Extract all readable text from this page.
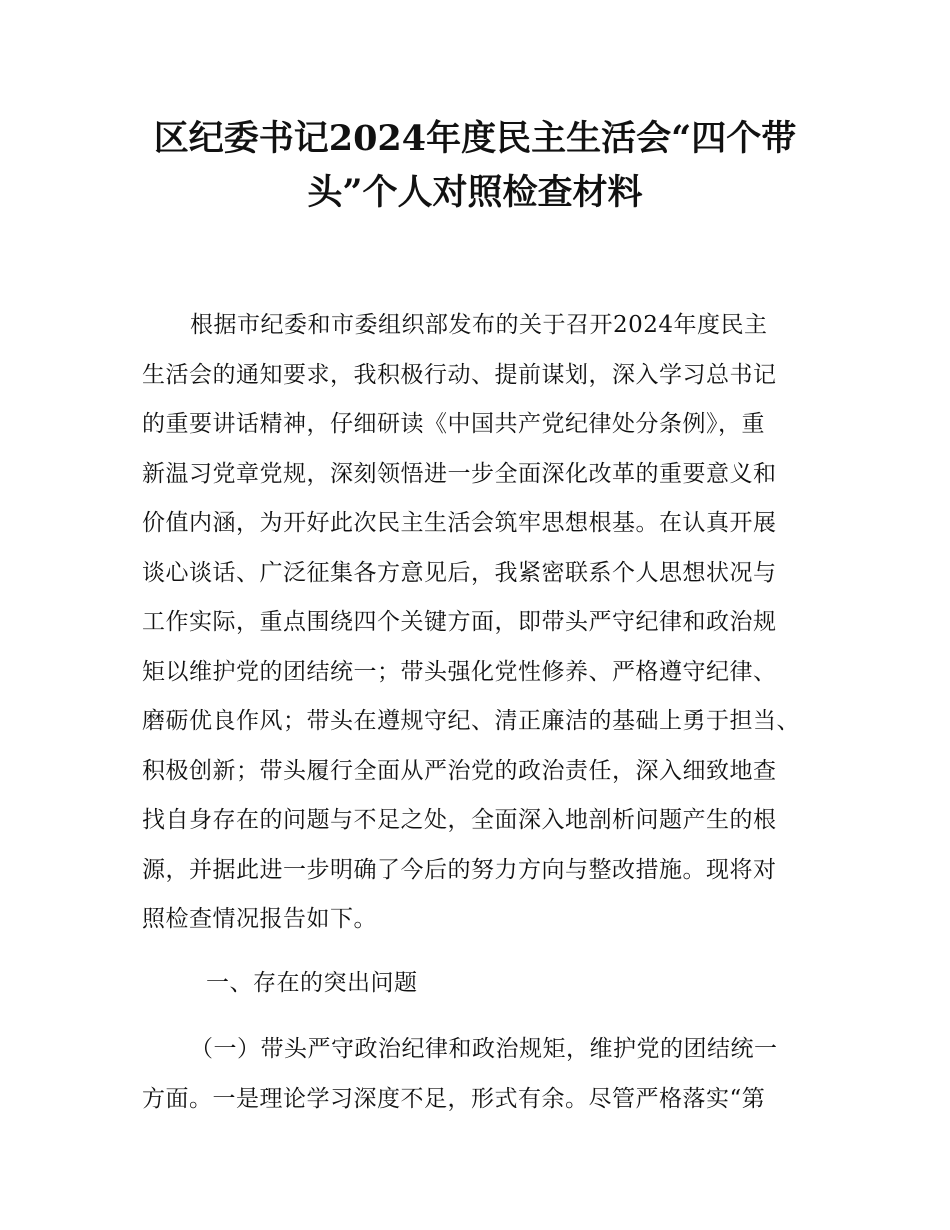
区纪委书记2024年度民主生活会“四个带
头”个人对照检查材料
根据市纪委和市委组织部发布的关于召开2024年度民主
生活会的通知要求，我积极行动、提前谋划，深入学习总书记
的重要讲话精神，仔细研读《中国共产党纪律处分条例》，重
新温习党章党规，深刻领悟进一步全面深化改革的重要意义和
价值内涵，为开好此次民主生活会筑牢思想根基。在认真开展
谈心谈话、广泛征集各方意见后，我紧密联系个人思想状况与
工作实际，重点围绕四个关键方面，即带头严守纪律和政治规
矩以维护党的团结统一；带头强化党性修养、严格遵守纪律、
磨砺优良作风；带头在遵规守纪、清正廉洁的基础上勇于担当、
积极创新；带头履行全面从严治党的政治责任，深入细致地查
找自身存在的问题与不足之处，全面深入地剖析问题产生的根
源，并据此进一步明确了今后的努力方向与整改措施。现将对
照检查情况报告如下。
一、存在的突出问题
（一）带头严守政治纪律和政治规矩，维护党的团结统一
方面。一是理论学习深度不足，形式有余。尽管严格落实“第
